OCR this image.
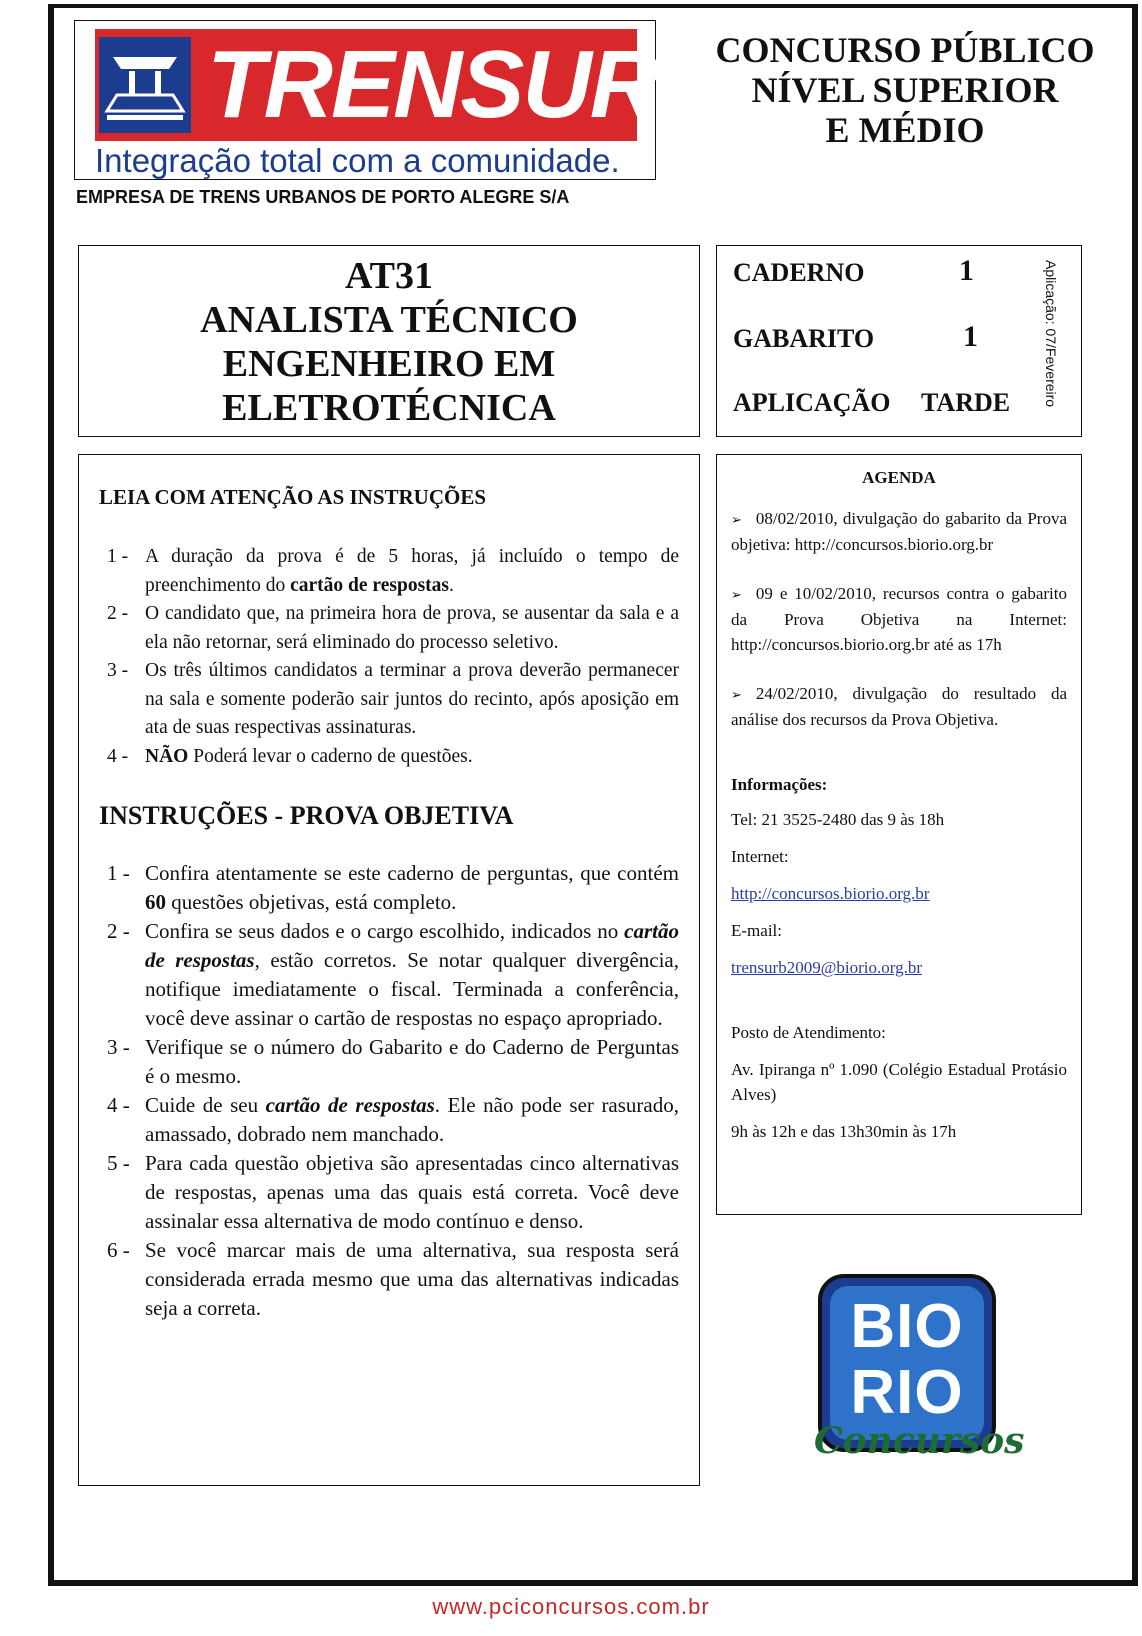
TRENSURB
Integração total com a comunidade.
CONCURSO PÚBLICO
NÍVEL SUPERIOR
E MÉDIO
EMPRESA DE TRENS URBANOS DE PORTO ALEGRE S/A
AT31
ANALISTA TÉCNICO
ENGENHEIRO EM
ELETROTÉCNICA
CADERNO	1
GABARITO	1
APLICAÇÃO TARDE Aplicação: 07/Fevereiro
LEIA COM ATENÇÃO AS INSTRUÇÕES
1 - A duração da prova é de 5 horas, já incluído o tempo de preenchimento do cartão de respostas.
2 - O candidato que, na primeira hora de prova, se ausentar da sala e a ela não retornar, será eliminado do processo seletivo.
3 - Os três últimos candidatos a terminar a prova deverão permanecer na sala e somente poderão sair juntos do recinto, após aposição em ata de suas respectivas assinaturas.
4 - NÃO Poderá levar o caderno de questões.
INSTRUÇÕES - PROVA OBJETIVA
1 - Confira atentamente se este caderno de perguntas, que contém 60 questões objetivas, está completo.
2 - Confira se seus dados e o cargo escolhido, indicados no cartão de respostas, estão corretos. Se notar qualquer divergência, notifique imediatamente o fiscal. Terminada a conferência, você deve assinar o cartão de respostas no espaço apropriado.
3 - Verifique se o número do Gabarito e do Caderno de Perguntas é o mesmo.
4 - Cuide de seu cartão de respostas. Ele não pode ser rasurado, amassado, dobrado nem manchado.
5 - Para cada questão objetiva são apresentadas cinco alternativas de respostas, apenas uma das quais está correta. Você deve assinalar essa alternativa de modo contínuo e denso.
6 - Se você marcar mais de uma alternativa, sua resposta será considerada errada mesmo que uma das alternativas indicadas seja a correta.
AGENDA
➢ 08/02/2010, divulgação do gabarito da Prova objetiva: http://concursos.biorio.org.br
➢ 09 e 10/02/2010, recursos contra o gabarito da Prova Objetiva na Internet: http://concursos.biorio.org.br até as 17h
➢ 24/02/2010, divulgação do resultado da análise dos recursos da Prova Objetiva.
Informações:
Tel: 21 3525-2480 das 9 às 18h
Internet:
http://concursos.biorio.org.br
E-mail:
trensurb2009@biorio.org.br
Posto de Atendimento:
Av. Ipiranga nº 1.090 (Colégio Estadual Protásio Alves)
9h às 12h e das 13h30min às 17h
BIO
RIO
Concursos
www.pciconcursos.com.br
